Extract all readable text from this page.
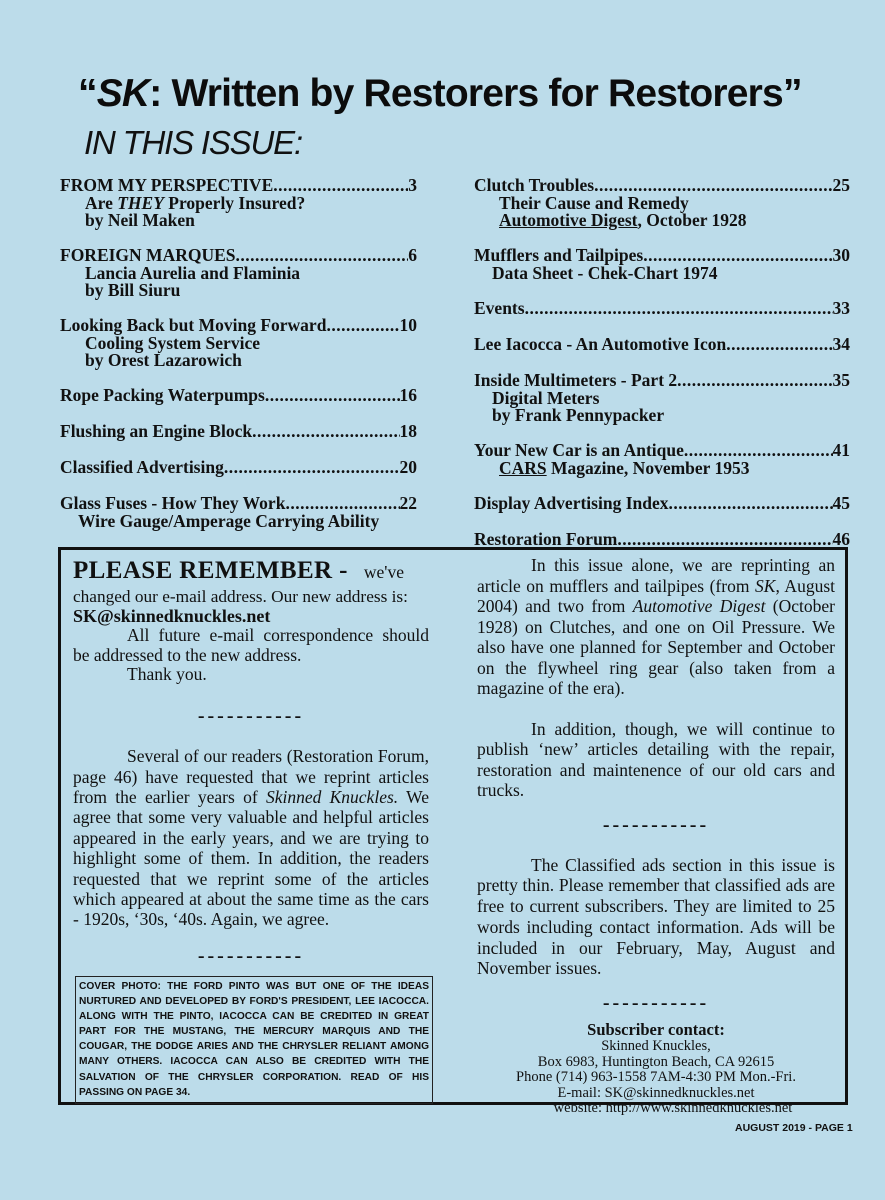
“SK: Written by Restorers for Restorers”
IN THIS ISSUE:
FROM MY PERSPECTIVE .....	3
Are THEY Properly Insured?
by Neil Maken
FOREIGN MARQUES .....	6
Lancia Aurelia and Flaminia
by Bill Siuru
Looking Back but Moving Forward .....	10
Cooling System Service
by Orest Lazarowich
Rope Packing Waterpumps .....	16
Flushing an Engine Block .....	18
Classified Advertising .....	20
Glass Fuses - How They Work .....	22
Wire Gauge/Amperage Carrying Ability
Clutch Troubles .....	25
Their Cause and Remedy
Automotive Digest, October 1928
Mufflers and Tailpipes .....	30
Data Sheet - Chek-Chart 1974
Events .....	33
Lee Iacocca - An Automotive Icon .....	34
Inside Multimeters - Part 2 .....	35
Digital Meters
by Frank Pennypacker
Your New Car is an Antique .....	41
CARS Magazine, November 1953
Display Advertising Index .....	45
Restoration Forum .....	46
PLEASE REMEMBER - we've
changed our e-mail address. Our new address is:
SK@skinnedknuckles.net
All future e-mail correspondence should be addressed to the new address.
Thank you.
-----------
Several of our readers (Restoration Forum, page 46) have requested that we reprint articles from the earlier years of Skinned Knuckles. We agree that some very valuable and helpful articles appeared in the early years, and we are trying to highlight some of them. In addition, the readers requested that we reprint some of the articles which appeared at about the same time as the cars - 1920s, ‘30s, ‘40s. Again, we agree.
-----------
COVER PHOTO: THE FORD PINTO WAS BUT ONE OF THE IDEAS NURTURED AND DEVELOPED BY FORD'S PRESIDENT, LEE IACOCCA. ALONG WITH THE PINTO, IACOCCA CAN BE CREDITED IN GREAT PART FOR THE MUSTANG, THE MERCURY MARQUIS AND THE COUGAR, THE DODGE ARIES AND THE CHRYSLER RELIANT AMONG MANY OTHERS. IACOCCA CAN ALSO BE CREDITED WITH THE SALVATION OF THE CHRYSLER CORPORATION. READ OF HIS PASSING ON PAGE 34.
In this issue alone, we are reprinting an article on mufflers and tailpipes (from SK, August 2004) and two from Automotive Digest (October 1928) on Clutches, and one on Oil Pressure. We also have one planned for September and October on the flywheel ring gear (also taken from a magazine of the era).
In addition, though, we will continue to publish ‘new’ articles detailing with the repair, restoration and maintenence of our old cars and trucks.
-----------
The Classified ads section in this issue is pretty thin. Please remember that classified ads are free to current subscribers. They are limited to 25 words including contact information. Ads will be included in our February, May, August and November issues.
-----------
Subscriber contact:
Skinned Knuckles,
Box 6983, Huntington Beach, CA 92615
Phone (714) 963-1558 7AM-4:30 PM Mon.-Fri.
E-mail: SK@skinnedknuckles.net
website: http://www.skinnedknuckles.net
AUGUST 2019 - PAGE 1
